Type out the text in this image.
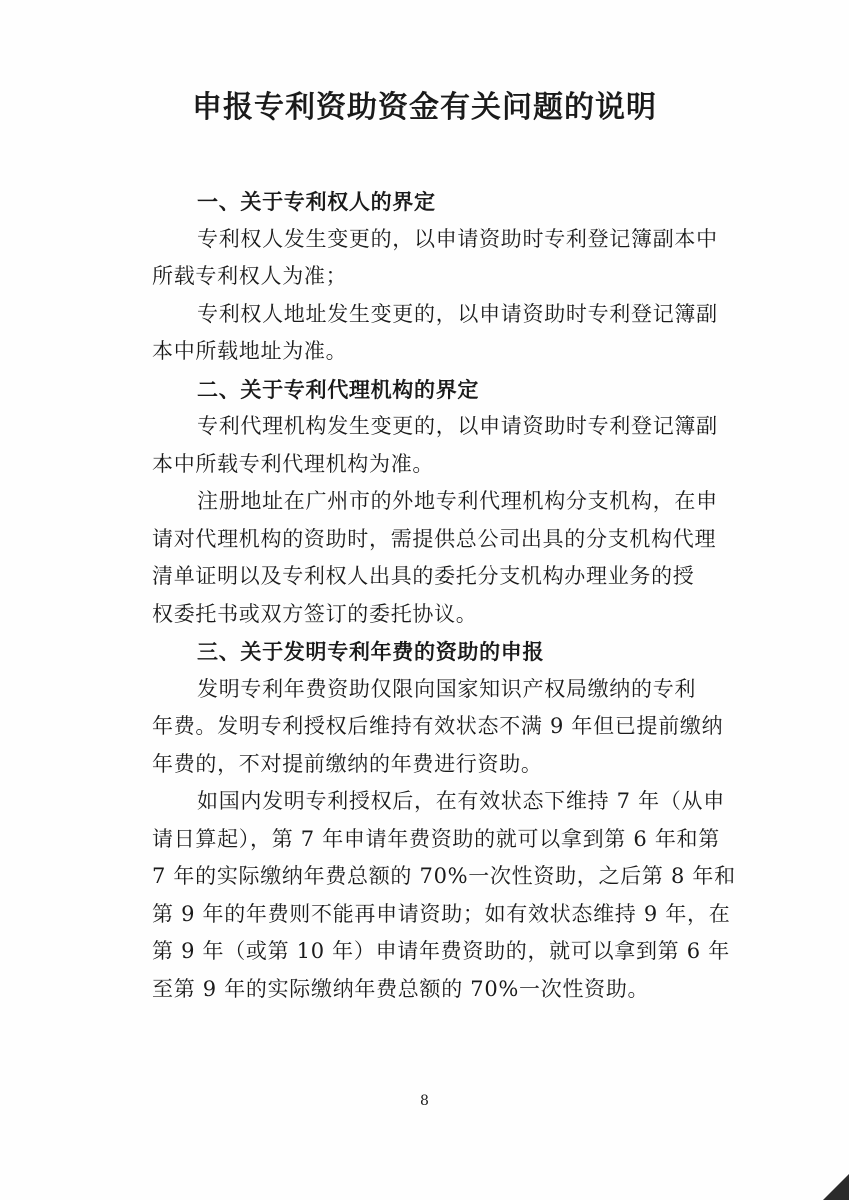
申报专利资助资金有关问题的说明

一、关于专利权人的界定

专利权人发生变更的，以申请资助时专利登记簿副本中

所载专利权人为准；

专利权人地址发生变更的，以申请资助时专利登记簿副

本中所载地址为准。

二、关于专利代理机构的界定

专利代理机构发生变更的，以申请资助时专利登记簿副

本中所载专利代理机构为准。

注册地址在广州市的外地专利代理机构分支机构，在申

请对代理机构的资助时，需提供总公司出具的分支机构代理

清单证明以及专利权人出具的委托分支机构办理业务的授

权委托书或双方签订的委托协议。

三、关于发明专利年费的资助的申报

发明专利年费资助仅限向国家知识产权局缴纳的专利

年费。发明专利授权后维持有效状态不满 9 年但已提前缴纳

年费的，不对提前缴纳的年费进行资助。

如国内发明专利授权后，在有效状态下维持 7 年（从申

请日算起），第 7 年申请年费资助的就可以拿到第 6 年和第

7 年的实际缴纳年费总额的 70%一次性资助，之后第 8 年和

第 9 年的年费则不能再申请资助；如有效状态维持 9 年，在

第 9 年（或第 10 年）申请年费资助的，就可以拿到第 6 年

至第 9 年的实际缴纳年费总额的 70%一次性资助。

8
